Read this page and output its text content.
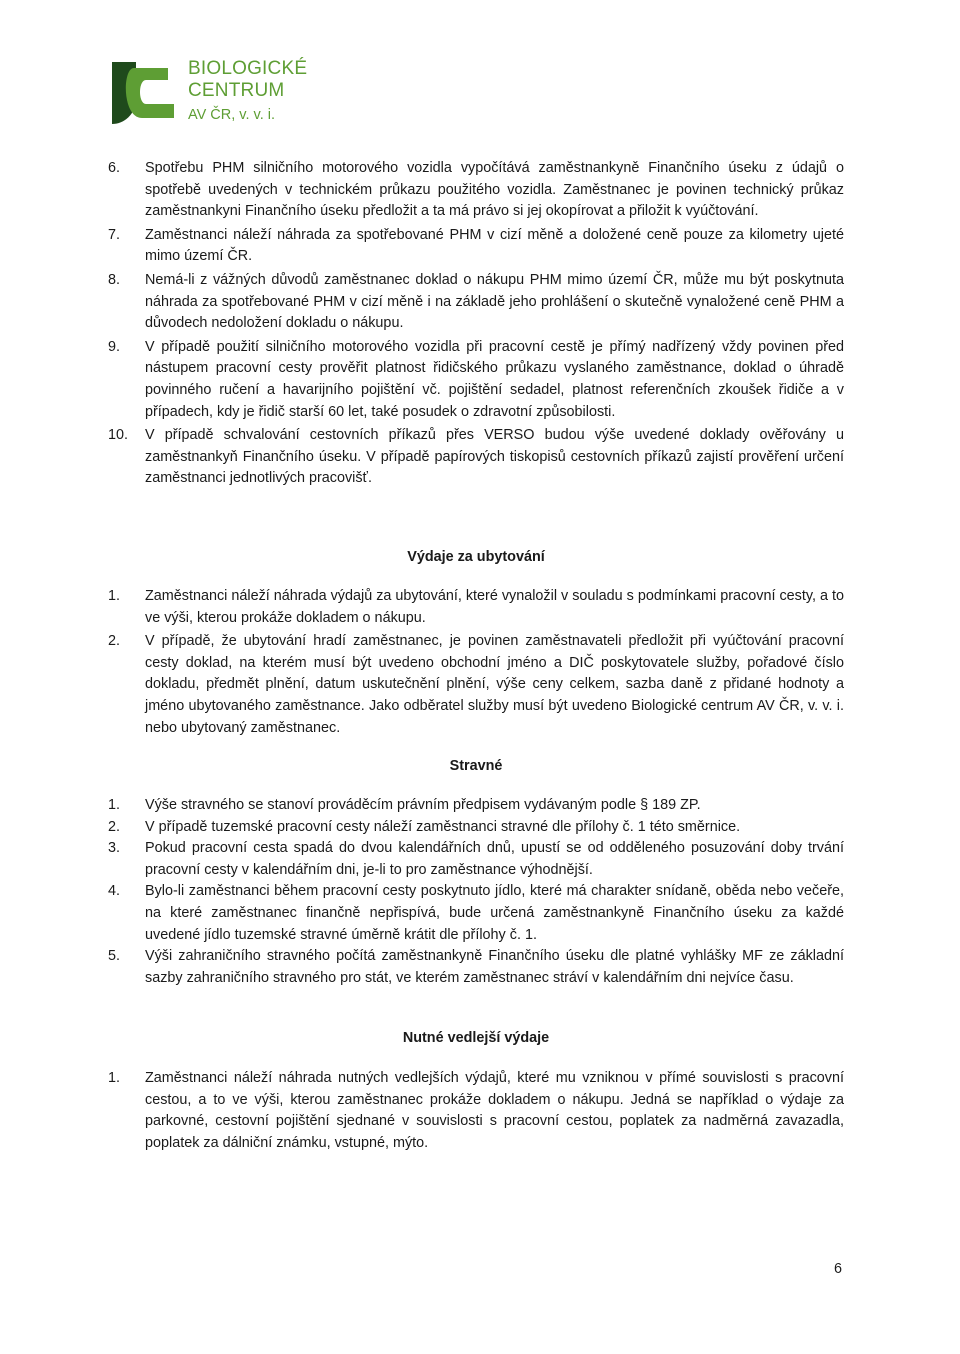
BIOLOGICKÉ
CENTRUM
AV ČR, v. v. i.
6.	Spotřebu PHM silničního motorového vozidla vypočítává zaměstnankyně Finančního úseku z údajů o spotřebě uvedených v technickém průkazu použitého vozidla. Zaměstnanec je povinen technický průkaz zaměstnankyni Finančního úseku předložit a ta má právo si jej okopírovat a přiložit k vyúčtování.
7.	Zaměstnanci náleží náhrada za spotřebované PHM v cizí měně a doložené ceně pouze za kilometry ujeté mimo území ČR.
8.	Nemá-li z vážných důvodů zaměstnanec doklad o nákupu PHM mimo území ČR, může mu být poskytnuta náhrada za spotřebované PHM v cizí měně i na základě jeho prohlášení o skutečně vynaložené ceně PHM a důvodech nedoložení dokladu o nákupu.
9.	V případě použití silničního motorového vozidla při pracovní cestě je přímý nadřízený vždy povinen před nástupem pracovní cesty prověřit platnost řidičského průkazu vyslaného zaměstnance, doklad o úhradě povinného ručení a havarijního pojištění vč. pojištění sedadel, platnost referenčních zkoušek řidiče a v případech, kdy je řidič starší 60 let, také posudek o zdravotní způsobilosti.
10.	V případě schvalování cestovních příkazů přes VERSO budou výše uvedené doklady ověřovány u zaměstnankyň Finančního úseku. V případě papírových tiskopisů cestovních příkazů zajistí prověření určení zaměstnanci jednotlivých pracovišť.
Výdaje za ubytování
1.	Zaměstnanci náleží náhrada výdajů za ubytování, které vynaložil v souladu s podmínkami pracovní cesty, a to ve výši, kterou prokáže dokladem o nákupu.
2.	V případě, že ubytování hradí zaměstnanec, je povinen zaměstnavateli předložit při vyúčtování pracovní cesty doklad, na kterém musí být uvedeno obchodní jméno a DIČ poskytovatele služby, pořadové číslo dokladu, předmět plnění, datum uskutečnění plnění, výše ceny celkem, sazba daně z přidané hodnoty a jméno ubytovaného zaměstnance. Jako odběratel služby musí být uvedeno Biologické centrum AV ČR, v. v. i. nebo ubytovaný zaměstnanec.
Stravné
1.	Výše stravného se stanoví prováděcím právním předpisem vydávaným podle § 189 ZP.
2.	V případě tuzemské pracovní cesty náleží zaměstnanci stravné dle přílohy č. 1 této směrnice.
3.	Pokud pracovní cesta spadá do dvou kalendářních dnů, upustí se od odděleného posuzování doby trvání pracovní cesty v kalendářním dni, je-li to pro zaměstnance výhodnější.
4.	Bylo-li zaměstnanci během pracovní cesty poskytnuto jídlo, které má charakter snídaně, oběda nebo večeře, na které zaměstnanec finančně nepřispívá, bude určená zaměstnankyně Finančního úseku za každé uvedené jídlo tuzemské stravné úměrně krátit dle přílohy č. 1.
5.	Výši zahraničního stravného počítá zaměstnankyně Finančního úseku dle platné vyhlášky MF ze základní sazby zahraničního stravného pro stát, ve kterém zaměstnanec stráví v kalendářním dni nejvíce času.
Nutné vedlejší výdaje
1.	Zaměstnanci náleží náhrada nutných vedlejších výdajů, které mu vzniknou v přímé souvislosti s pracovní cestou, a to ve výši, kterou zaměstnanec prokáže dokladem o nákupu. Jedná se například o výdaje za parkovné, cestovní pojištění sjednané v souvislosti s pracovní cestou, poplatek za nadměrná zavazadla, poplatek za dálniční známku, vstupné, mýto.
6
